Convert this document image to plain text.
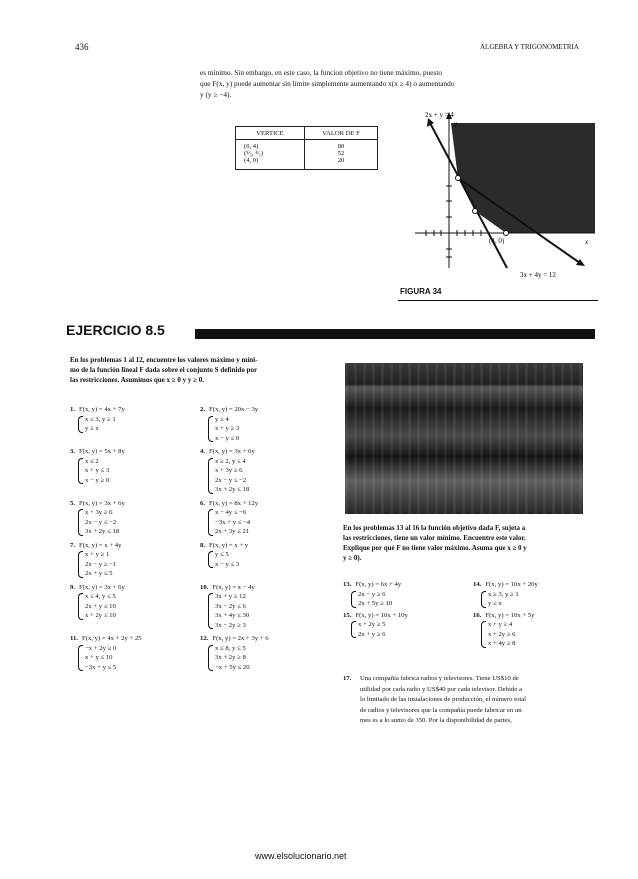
436	ALGEBRA Y TRIGONOMETRIA
es mínimo. Sin embargo, en este caso, la funcion objetivo no tiene máximo, puesto
que F(x, y) puede aumentar sin límite simplemente aumentando x(x ≥ 4) o aumentando
y (y ≥ −4).
VERTICE	VALOR DE F
(0, 4)	80
(⁸⁄₅, ⁴⁄₅)	52
(4, 0)	20
2x + y = 4
y
x
(4, 0)
3x + 4y = 12
FIGURA 34
EJERCICIO 8.5
En los problemas 1 al 12, encuentre los valores máximo y míni-
mo de la función lineal F dada sobre el conjunto S definido por
las restricciones. Asumimos que x ≥ 0 y y ≥ 0.
1. F(x, y) = 4x + 7y
x ≤ 3, y ≥ 1
y ≤ x
2. F(x, y) = 20x − 3y
y ≤ 4
x + y ≥ 3
x − y ≤ 0
3. F(x, y) = 5x + 8y
x ≤ 2
x + y ≤ 3
x − y ≥ 0
4. F(x, y) = 3x + 6y
x ≥ 2, y ≤ 4
x + 3y ≥ 6
2x − y ≤ −2
3x + 2y ≤ 18
5. F(x, y) = 3x + 6y
x + 3y ≥ 6
2x − y ≤ −2
3x + 2y ≤ 18
6. F(x, y) = 8x + 12y
x − 4y ≤ −6
−3x + y ≤ −4
2x + 3y ≤ 21
7. F(x, y) = x + 4y
x + y ≥ 1
2x − y ≥ −1
2x + y ≤ 5
8. F(x, y) = x + y
y ≤ 5
x − y ≤ 3
9. F(x, y) = 3x + 6y
x ≤ 4, y ≤ 5
2x + y ≤ 10
x + 2y ≤ 10
10. F(x, y) = x − 4y
3x + y ≥ 12
3x − 2y ≤ 6
3x + 4y ≤ 30
3x − 2y ≥ 3
11. F(x, y) = 4x + 2y + 25
−x + 2y ≥ 0
x + y ≤ 10
−3x + y ≤ 5
12. F(x, y) = 2x + 3y + 6
x ≤ 8, y ≤ 5
3x + 2y ≥ 8
−x + 5y ≤ 20
En los problemas 13 al 16 la función objetivo dada F, sujeta a
las restricciones, tiene un valor mínimo. Encuentre este valor.
Explique por qué F no tiene valor máximo. Asuma que x ≥ 0 y
y ≥ 0).
13. F(x, y) = 6x + 4y
2x − y ≥ 6
2x + 5y ≥ 10
14. F(x, y) = 10x + 20y
x ≥ 3, y ≥ 1
y ≤ x
15. F(x, y) = 10x + 10y
x + 2y ≥ 5
2x + y ≥ 6
16. F(x, y) = 10x + 5y
x + y ≥ 4
x + 2y ≥ 6
x + 4y ≥ 8
17. Una compañía fabrica radios y televisores. Tiene US$10 de
utilidad por cada radio y US$40 por cada televisor. Debido a
lo limitado de las instalaciones de producción, el número total
de radios y televisores que la compañía puede fabricar en un
mes es a lo sumo de 350. Por la disponibilidad de partes,
www.elsolucionario.net
